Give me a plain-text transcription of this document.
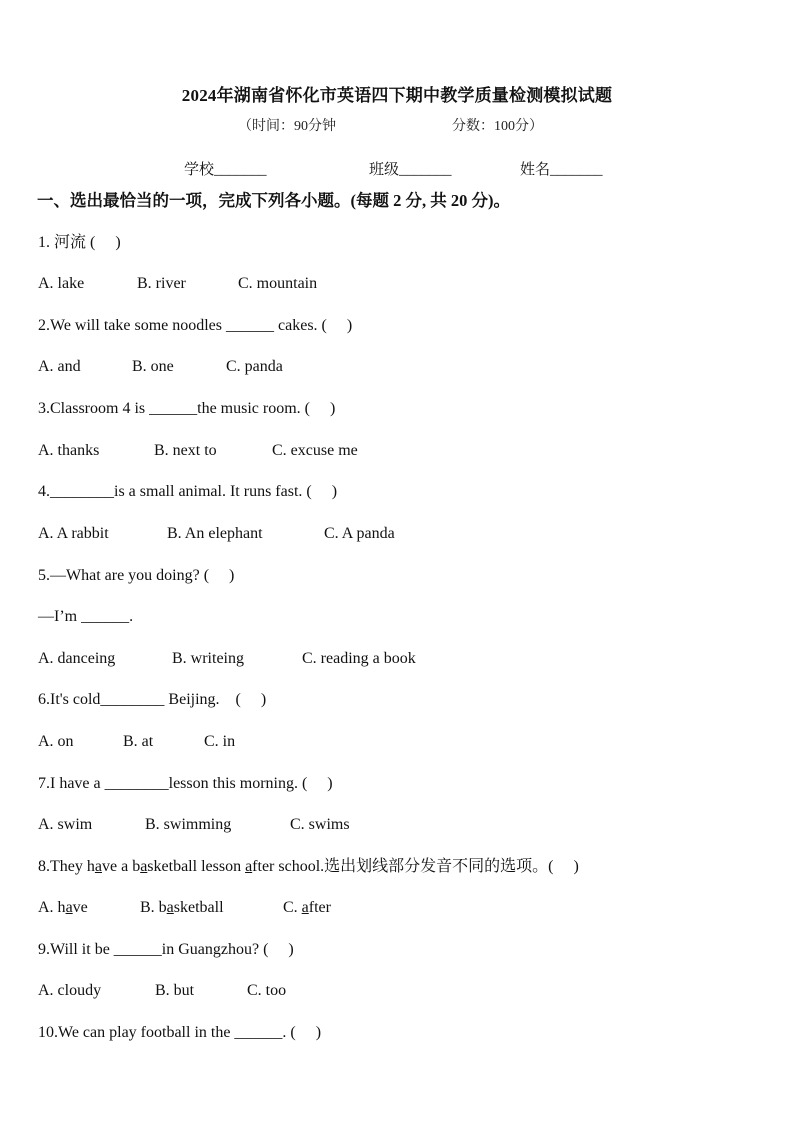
2024年湖南省怀化市英语四下期中教学质量检测模拟试题
（时间：90分钟	分数：100分）
学校_______	班级_______	姓名_______
一、选出最恰当的一项，完成下列各小题。(每题 2 分, 共 20 分)。
1. 河流 (　 )
A. lake	B. river	C. mountain
2.We will take some noodles ______ cakes. (　 )
A. and	B. one	C. panda
3.Classroom 4 is ______the music room. (　 )
A. thanks	B. next to	C. excuse me
4.________is a small animal. It runs fast. (　 )
A. A rabbit	B. An elephant	C. A panda
5.—What are you doing? (　 )
—I’m ______.
A. danceing	B. writeing	C. reading a book
6.It's cold________ Beijing.　(　 )
A. on	B. at	C. in
7.I have a ________lesson this morning. (　 )
A. swim	B. swimming	C. swims
8.They have a basketball lesson after school.选出划线部分发音不同的选项。(　 )
A. have	B. basketball	C. after
9.Will it be ______in Guangzhou? (　 )
A. cloudy	B. but	C. too
10.We can play football in the ______. (　 )
